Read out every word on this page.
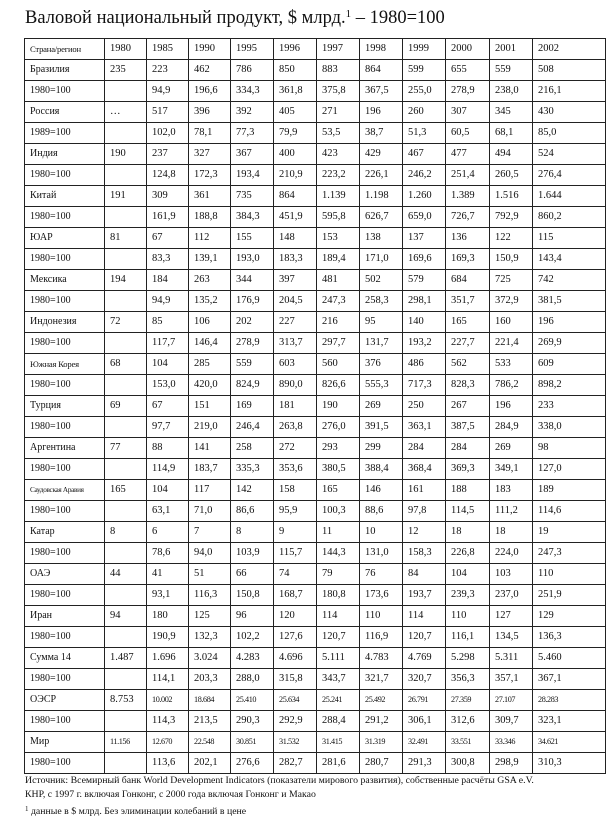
Валовой национальный продукт, $ млрд.$^1$ – 1980=100
Страна/регион	1980	1985	1990	1995	1996	1997	1998	1999	2000	2001	2002
Бразилия	235	223	462	786	850	883	864	599	655	559	508
1980=100		94,9	196,6	334,3	361,8	375,8	367,5	255,0	278,9	238,0	216,1
Россия	…	517	396	392	405	271	196	260	307	345	430
1989=100		102,0	78,1	77,3	79,9	53,5	38,7	51,3	60,5	68,1	85,0
Индия	190	237	327	367	400	423	429	467	477	494	524
1980=100		124,8	172,3	193,4	210,9	223,2	226,1	246,2	251,4	260,5	276,4
Китай	191	309	361	735	864	1.139	1.198	1.260	1.389	1.516	1.644
1980=100		161,9	188,8	384,3	451,9	595,8	626,7	659,0	726,7	792,9	860,2
ЮАР	81	67	112	155	148	153	138	137	136	122	115
1980=100		83,3	139,1	193,0	183,3	189,4	171,0	169,6	169,3	150,9	143,4
Мексика	194	184	263	344	397	481	502	579	684	725	742
1980=100		94,9	135,2	176,9	204,5	247,3	258,3	298,1	351,7	372,9	381,5
Индонезия	72	85	106	202	227	216	95	140	165	160	196
1980=100		117,7	146,4	278,9	313,7	297,7	131,7	193,2	227,7	221,4	269,9
Южная Корея	68	104	285	559	603	560	376	486	562	533	609
1980=100		153,0	420,0	824,9	890,0	826,6	555,3	717,3	828,3	786,2	898,2
Турция	69	67	151	169	181	190	269	250	267	196	233
1980=100		97,7	219,0	246,4	263,8	276,0	391,5	363,1	387,5	284,9	338,0
Аргентина	77	88	141	258	272	293	299	284	284	269	98
1980=100		114,9	183,7	335,3	353,6	380,5	388,4	368,4	369,3	349,1	127,0
Саудовская Аравия	165	104	117	142	158	165	146	161	188	183	189
1980=100		63,1	71,0	86,6	95,9	100,3	88,6	97,8	114,5	111,2	114,6
Катар	8	6	7	8	9	11	10	12	18	18	19
1980=100		78,6	94,0	103,9	115,7	144,3	131,0	158,3	226,8	224,0	247,3
ОАЭ	44	41	51	66	74	79	76	84	104	103	110
1980=100		93,1	116,3	150,8	168,7	180,8	173,6	193,7	239,3	237,0	251,9
Иран	94	180	125	96	120	114	110	114	110	127	129
1980=100		190,9	132,3	102,2	127,6	120,7	116,9	120,7	116,1	134,5	136,3
Сумма 14	1.487	1.696	3.024	4.283	4.696	5.111	4.783	4.769	5.298	5.311	5.460
1980=100		114,1	203,3	288,0	315,8	343,7	321,7	320,7	356,3	357,1	367,1
ОЭСР	8.753	10.002	18.684	25.410	25.634	25.241	25.492	26.791	27.359	27.107	28.283
1980=100		114,3	213,5	290,3	292,9	288,4	291,2	306,1	312,6	309,7	323,1
Мир	11.156	12.670	22.548	30.851	31.532	31.415	31.319	32.491	33.551	33.346	34.621
1980=100		113,6	202,1	276,6	282,7	281,6	280,7	291,3	300,8	298,9	310,3
Источник: Всемирный банк World Development Indicators (показатели мирового развития), собственные расчёты GSA e.V.
КНР, с 1997 г. включая Гонконг, с 2000 года включая Гонконг и Макао
$^1$ данные в $ млрд. Без элиминации колебаний в цене
